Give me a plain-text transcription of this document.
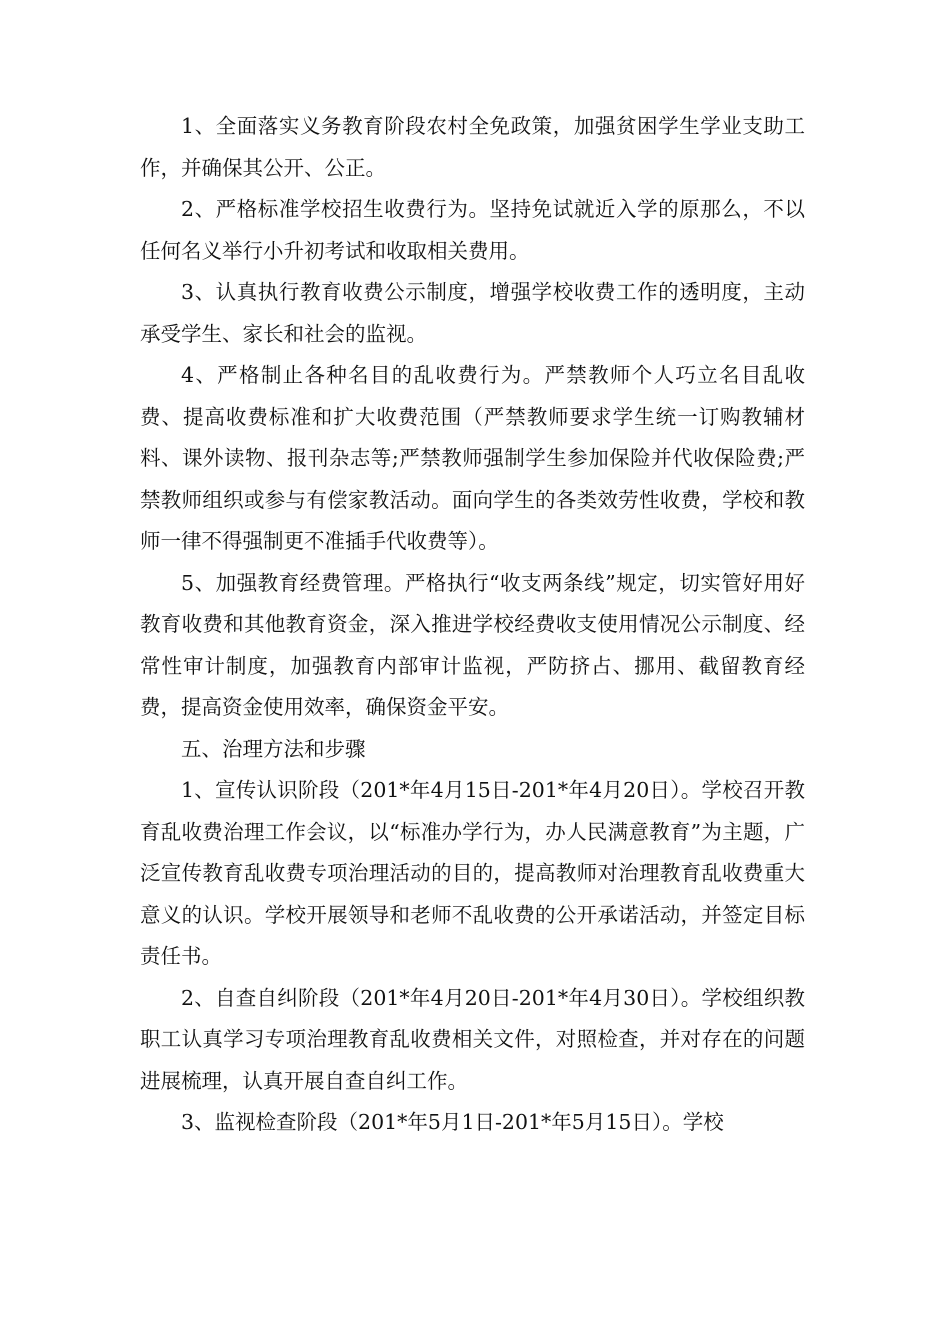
1、全面落实义务教育阶段农村全免政策，加强贫困学生学业支助工作，并确保其公开、公正。

2、严格标准学校招生收费行为。坚持免试就近入学的原那么，不以任何名义举行小升初考试和收取相关费用。

3、认真执行教育收费公示制度，增强学校收费工作的透明度，主动承受学生、家长和社会的监视。

4、严格制止各种名目的乱收费行为。严禁教师个人巧立名目乱收费、提高收费标准和扩大收费范围（严禁教师要求学生统一订购教辅材料、课外读物、报刊杂志等;严禁教师强制学生参加保险并代收保险费;严禁教师组织或参与有偿家教活动。面向学生的各类效劳性收费，学校和教师一律不得强制更不准插手代收费等）。

5、加强教育经费管理。严格执行“收支两条线”规定，切实管好用好教育收费和其他教育资金，深入推进学校经费收支使用情况公示制度、经常性审计制度，加强教育内部审计监视，严防挤占、挪用、截留教育经费，提高资金使用效率，确保资金平安。

五、治理方法和步骤

1、宣传认识阶段（201*年4月15日-201*年4月20日）。学校召开教育乱收费治理工作会议，以“标准办学行为，办人民满意教育”为主题，广泛宣传教育乱收费专项治理活动的目的，提高教师对治理教育乱收费重大意义的认识。学校开展领导和老师不乱收费的公开承诺活动，并签定目标责任书。

2、自查自纠阶段（201*年4月20日-201*年4月30日）。学校组织教职工认真学习专项治理教育乱收费相关文件，对照检查，并对存在的问题进展梳理，认真开展自查自纠工作。

3、监视检查阶段（201*年5月1日-201*年5月15日）。学校
